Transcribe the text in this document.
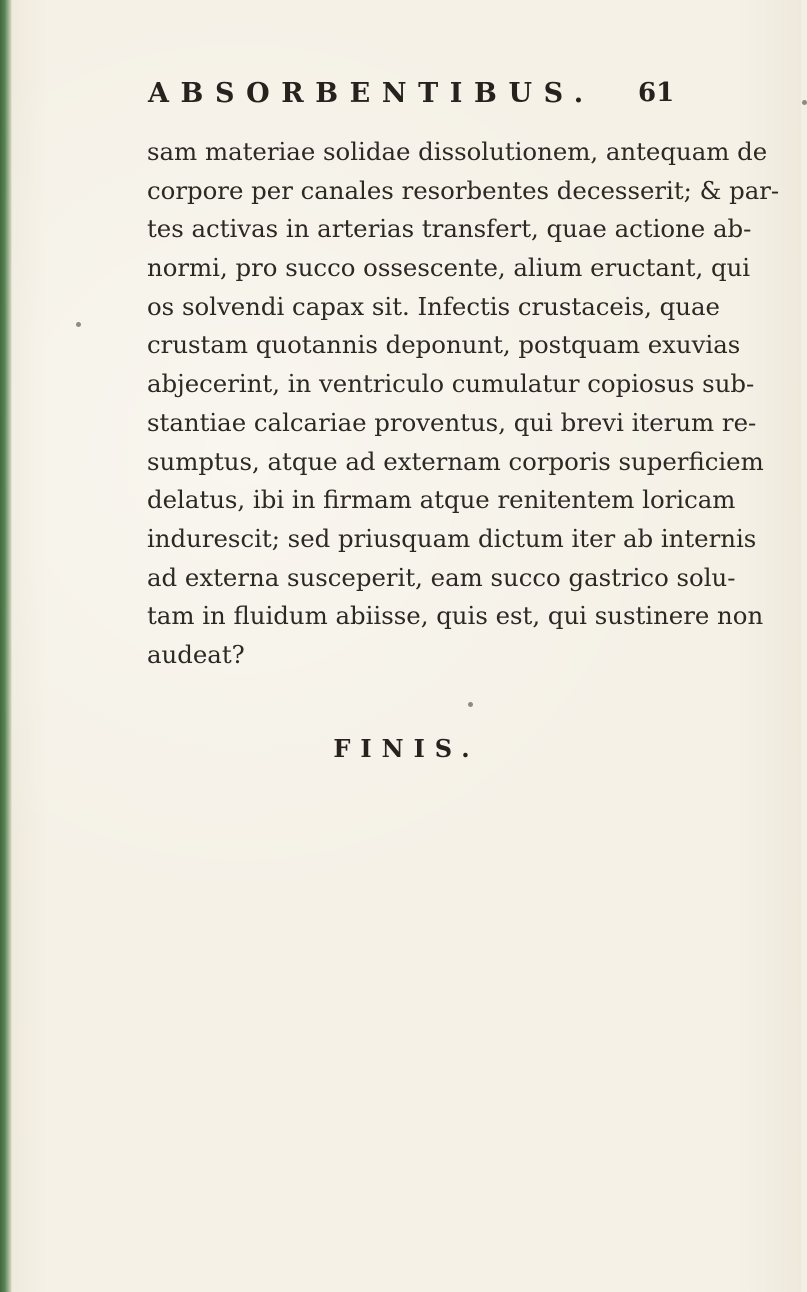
ABSORBENTIBUS. 61
sam materiae solidae dissolutionem, antequam de
corpore per canales resorbentes decesserit; & par-
tes activas in arterias transfert, quae actione ab-
normi, pro succo ossescente, alium eructant, qui
os solvendi capax sit. Infectis crustaceis, quae
crustam quotannis deponunt, postquam exuvias
abjecerint, in ventriculo cumulatur copiosus sub-
stantiae calcariae proventus, qui brevi iterum re-
sumptus, atque ad externam corporis superficiem
delatus, ibi in firmam atque renitentem loricam
indurescit; sed priusquam dictum iter ab internis
ad externa suscеperit, eam succo gastrico solu-
tam in fluidum abiisse, quis est, qui sustinere non
audeat?
FINIS.
